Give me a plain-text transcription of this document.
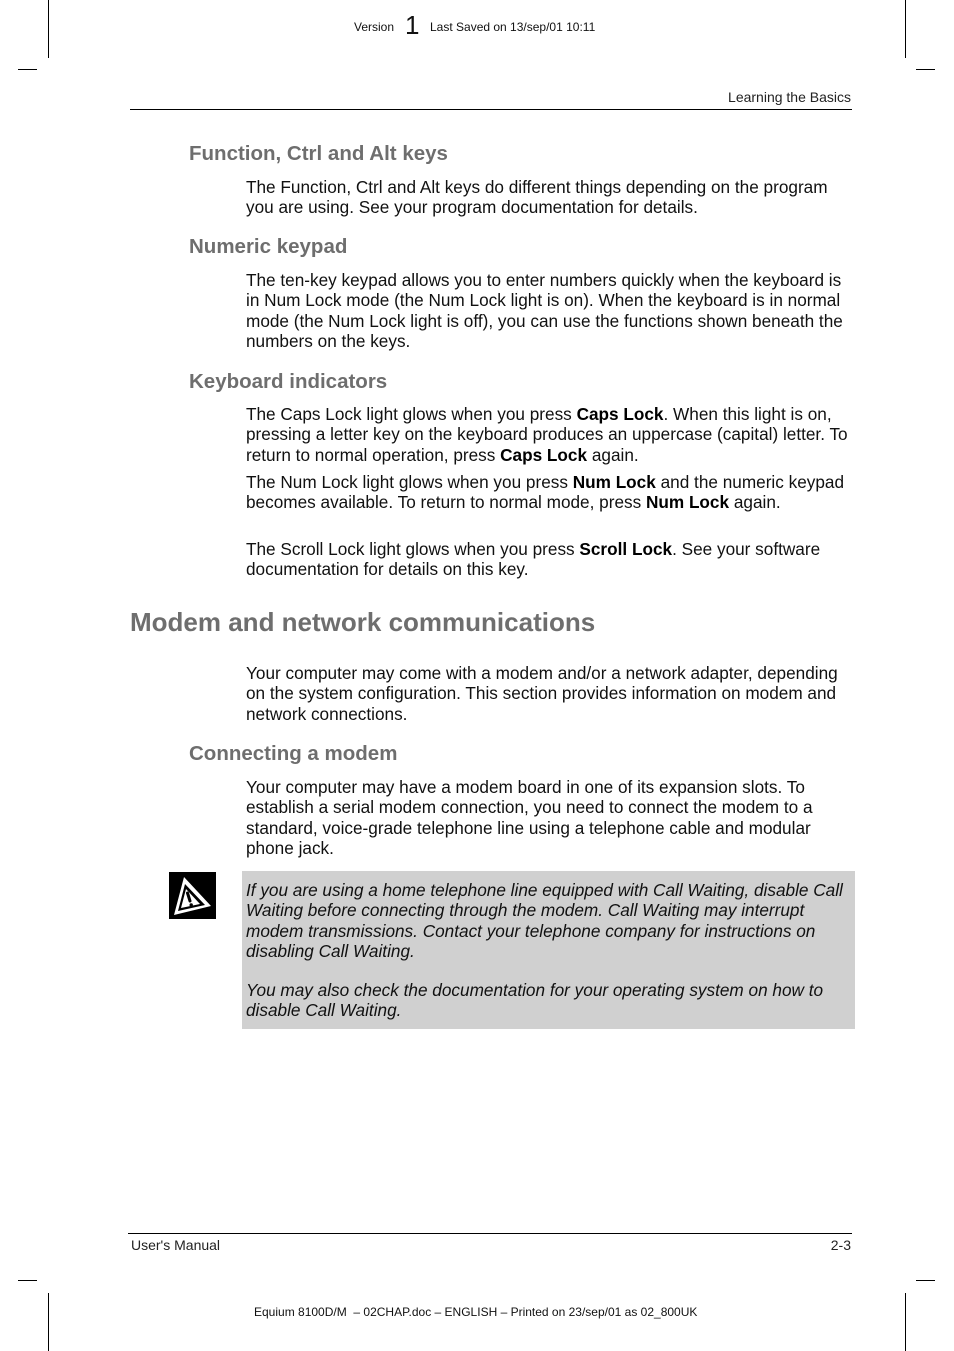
Version 1 Last Saved on 13/sep/01 10:11
Learning the Basics
Function, Ctrl and Alt keys
The Function, Ctrl and Alt keys do different things depending on the program you are using. See your program documentation for details.
Numeric keypad
The ten-key keypad allows you to enter numbers quickly when the keyboard is in Num Lock mode (the Num Lock light is on). When the keyboard is in normal mode (the Num Lock light is off), you can use the functions shown beneath the numbers on the keys.
Keyboard indicators
The Caps Lock light glows when you press Caps Lock. When this light is on, pressing a letter key on the keyboard produces an uppercase (capital) letter. To return to normal operation, press Caps Lock again.
The Num Lock light glows when you press Num Lock and the numeric keypad becomes available. To return to normal mode, press Num Lock again.
The Scroll Lock light glows when you press Scroll Lock. See your software documentation for details on this key.
Modem and network communications
Your computer may come with a modem and/or a network adapter, depending on the system configuration. This section provides information on modem and network connections.
Connecting a modem
Your computer may have a modem board in one of its expansion slots. To establish a serial modem connection, you need to connect the modem to a standard, voice-grade telephone line using a telephone cable and modular phone jack.
If you are using a home telephone line equipped with Call Waiting, disable Call Waiting before connecting through the modem. Call Waiting may interrupt modem transmissions. Contact your telephone company for instructions on disabling Call Waiting.
You may also check the documentation for your operating system on how to disable Call Waiting.
User's Manual	2-3
Equium 8100D/M  – 02CHAP.doc – ENGLISH – Printed on 23/sep/01 as 02_800UK
